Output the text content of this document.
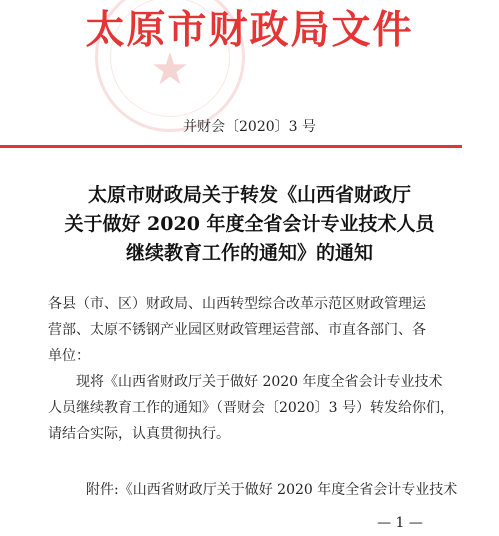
★
太原市财政局文件
并财会〔2020〕3 号
太原市财政局关于转发《山西省财政厅
关于做好 2020 年度全省会计专业技术人员
继续教育工作的通知》的通知
各县（市、区）财政局、山西转型综合改革示范区财政管理运
营部、太原不锈钢产业园区财政管理运营部、市直各部门、各
单位：
现将《山西省财政厅关于做好 2020 年度全省会计专业技术
人员继续教育工作的通知》（晋财会〔2020〕3 号）转发给你们，
请结合实际，认真贯彻执行。
附件:《山西省财政厅关于做好 2020 年度全省会计专业技术
— 1 —
